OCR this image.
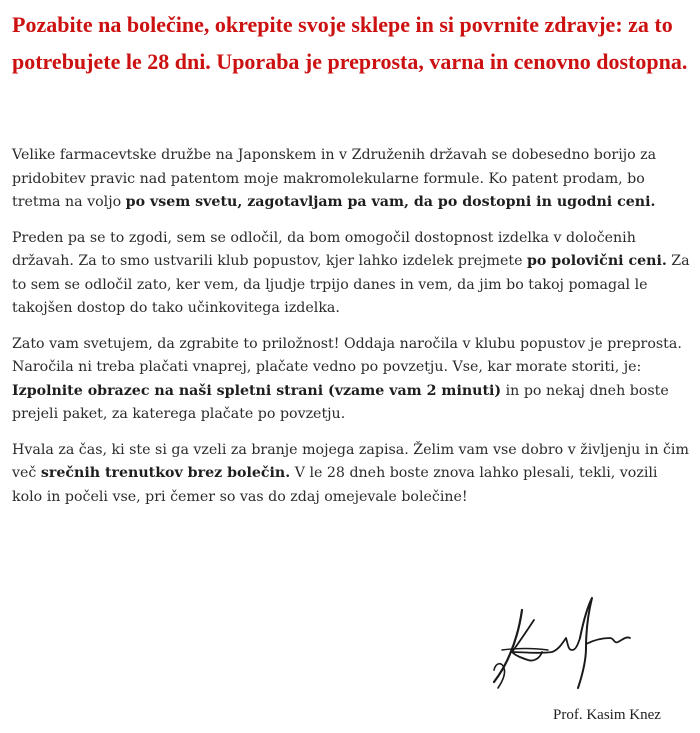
Pozabite na bolečine, okrepite svoje sklepe in si povrnite zdravje: za to potrebujete le 28 dni. Uporaba je preprosta, varna in cenovno dostopna.

Velike farmacevtske družbe na Japonskem in v Združenih državah se dobesedno borijo za pridobitev pravic nad patentom moje makromolekularne formule. Ko patent prodam, bo tretma na voljo po vsem svetu, zagotavljam pa vam, da po dostopni in ugodni ceni.

Preden pa se to zgodi, sem se odločil, da bom omogočil dostopnost izdelka v določenih državah. Za to smo ustvarili klub popustov, kjer lahko izdelek prejmete po polovični ceni. Za to sem se odločil zato, ker vem, da ljudje trpijo danes in vem, da jim bo takoj pomagal le takojšen dostop do tako učinkovitega izdelka.

Zato vam svetujem, da zgrabite to priložnost! Oddaja naročila v klubu popustov je preprosta. Naročila ni treba plačati vnaprej, plačate vedno po povzetju. Vse, kar morate storiti, je: Izpolnite obrazec na naši spletni strani (vzame vam 2 minuti) in po nekaj dneh boste prejeli paket, za katerega plačate po povzetju.

Hvala za čas, ki ste si ga vzeli za branje mojega zapisa. Želim vam vse dobro v življenju in čim več srečnih trenutkov brez bolečin. V le 28 dneh boste znova lahko plesali, tekli, vozili kolo in počeli vse, pri čemer so vas do zdaj omejevale bolečine!

Prof. Kasim Knez
